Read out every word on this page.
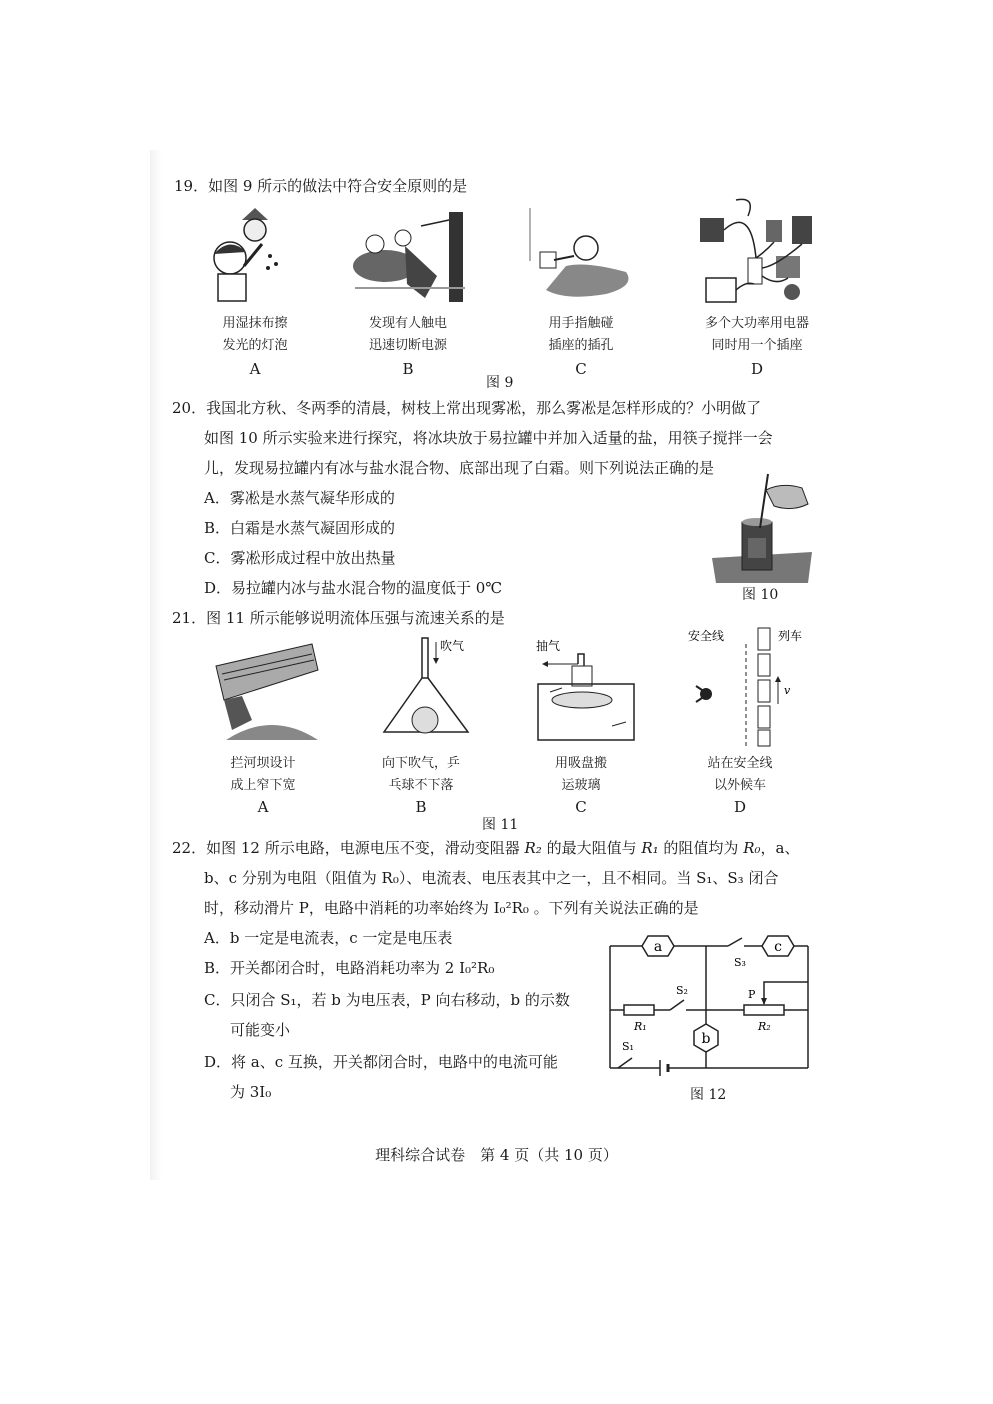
19．如图 9 所示的做法中符合安全原则的是
用湿抹布擦
发光的灯泡
A
发现有人触电
迅速切断电源
B
用手指触碰
插座的插孔
C
多个大功率用电器
同时用一个插座
D
图 9
20．我国北方秋、冬两季的清晨，树枝上常出现雾凇，那么雾凇是怎样形成的？小明做了
如图 10 所示实验来进行探究，将冰块放于易拉罐中并加入适量的盐，用筷子搅拌一会
儿，发现易拉罐内有冰与盐水混合物、底部出现了白霜。则下列说法正确的是
A．雾凇是水蒸气凝华形成的
B．白霜是水蒸气凝固形成的
C．雾凇形成过程中放出热量
D．易拉罐内冰与盐水混合物的温度低于 0℃	图 10
21．图 11 所示能够说明流体压强与流速关系的是
吹气	抽气
安全线	列车
v
拦河坝设计
成上窄下宽
A
向下吹气，乒
乓球不下落
B
用吸盘搬
运玻璃
C
站在安全线
以外候车
D
图 11
22．如图 12 所示电路，电源电压不变，滑动变阻器 R₂ 的最大阻值与 R₁ 的阻值均为 R₀，a、
b、c 分别为电阻（阻值为 R₀）、电流表、电压表其中之一，且不相同。当 S₁、S₃ 闭合
时，移动滑片 P，电路中消耗的功率始终为 I₀²R₀ 。下列有关说法正确的是
A．b 一定是电流表，c 一定是电压表
B．开关都闭合时，电路消耗功率为 2 I₀²R₀
C．只闭合 S₁，若 b 为电压表，P 向右移动，b 的示数
可能变小
D．将 a、c 互换，开关都闭合时，电路中的电流可能
为 3I₀
a
S₃
c
b
R₁
S₂
R₂
P
S₁
图 12
理科综合试卷　第 4 页（共 10 页）
